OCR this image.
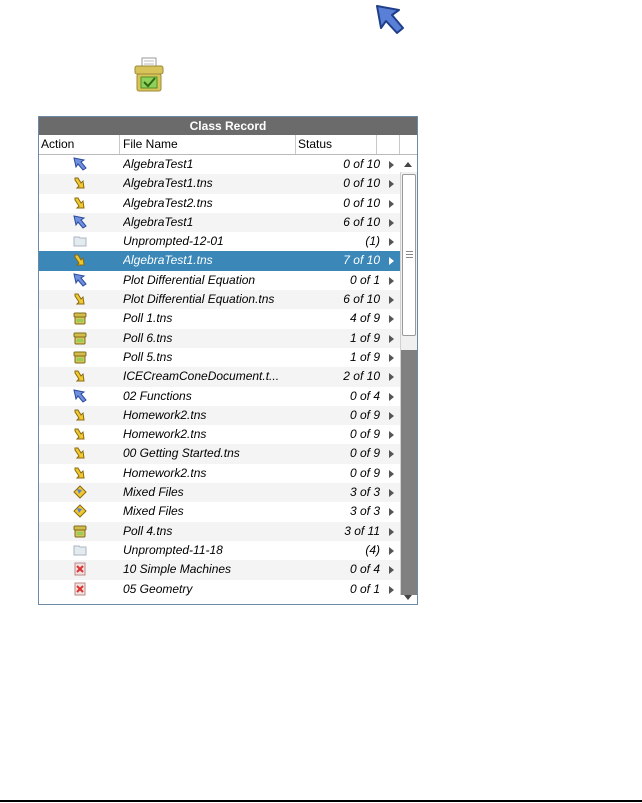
Class Record
Action	File Name	Status
AlgebraTest1	0 of 10
AlgebraTest1.tns	0 of 10
AlgebraTest2.tns	0 of 10
AlgebraTest1	6 of 10
Unprompted-12-01	(1)
AlgebraTest1.tns	7 of 10
Plot Differential Equation	0 of 1
Plot Differential Equation.tns	6 of 10
Poll 1.tns	4 of 9
Poll 6.tns	1 of 9
Poll 5.tns	1 of 9
ICECreamConeDocument.t...	2 of 10
02 Functions	0 of 4
Homework2.tns	0 of 9
Homework2.tns	0 of 9
00 Getting Started.tns	0 of 9
Homework2.tns	0 of 9
Mixed Files	3 of 3
Mixed Files	3 of 3
Poll 4.tns	3 of 11
Unprompted-11-18	(4)
10 Simple Machines	0 of 4
05 Geometry	0 of 1
